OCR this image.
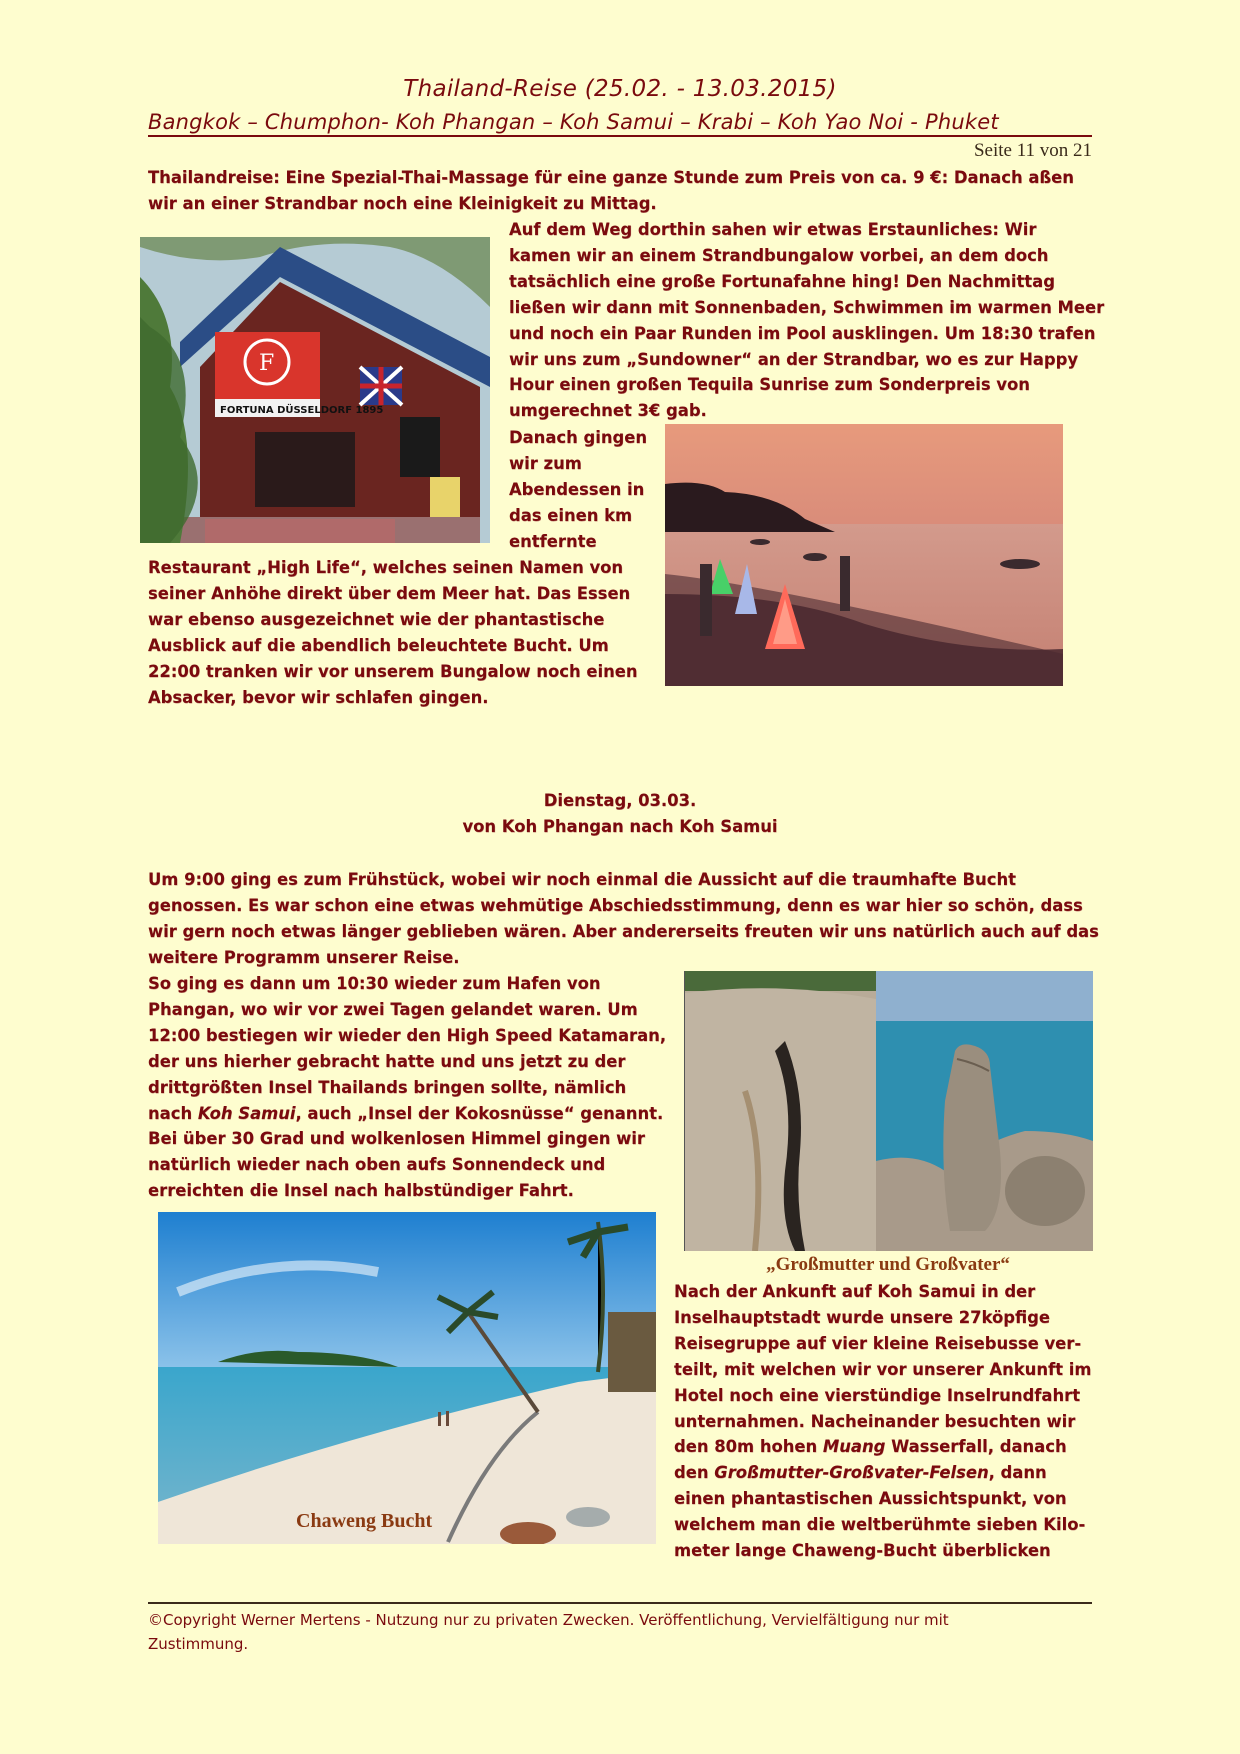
Thailand-Reise (25.02. - 13.03.2015)
Bangkok – Chumphon- Koh Phangan – Koh Samui – Krabi – Koh Yao Noi - Phuket
Seite 11 von 21
Thailandreise: Eine Spezial-Thai-Massage für eine ganze Stunde zum Preis von ca. 9 €: Danach aßen
wir an einer Strandbar noch eine Kleinigkeit zu Mittag.
F
FORTUNA DÜSSELDORF 1895
Auf dem Weg dorthin sahen wir etwas Erstaunliches: Wir
kamen wir an einem Strandbungalow vorbei, an dem doch
tatsächlich eine große Fortunafahne hing! Den Nachmittag
ließen wir dann mit Sonnenbaden, Schwimmen im warmen Meer
und noch ein Paar Runden im Pool ausklingen. Um 18:30 trafen
wir uns zum „Sundowner“ an der Strandbar, wo es zur Happy
Hour einen großen Tequila Sunrise zum Sonderpreis von
umgerechnet 3€ gab.
Danach gingen
wir zum
Abendessen in
das einen km
entfernte
Restaurant „High Life“, welches seinen Namen von
seiner Anhöhe direkt über dem Meer hat. Das Essen
war ebenso ausgezeichnet wie der phantastische
Ausblick auf die abendlich beleuchtete Bucht. Um
22:00 tranken wir vor unserem Bungalow noch einen
Absacker, bevor wir schlafen gingen.
Dienstag, 03.03.
von Koh Phangan nach Koh Samui
Um 9:00 ging es zum Frühstück, wobei wir noch einmal die Aussicht auf die traumhafte Bucht
genossen. Es war schon eine etwas wehmütige Abschiedsstimmung, denn es war hier so schön, dass
wir gern noch etwas länger geblieben wären. Aber andererseits freuten wir uns natürlich auch auf das
weitere Programm unserer Reise.
So ging es dann um 10:30 wieder zum Hafen von
Phangan, wo wir vor zwei Tagen gelandet waren. Um
12:00 bestiegen wir wieder den High Speed Katamaran,
der uns hierher gebracht hatte und uns jetzt zu der
drittgrößten Insel Thailands bringen sollte, nämlich
nach Koh Samui, auch „Insel der Kokosnüsse“ genannt.
Bei über 30 Grad und wolkenlosen Himmel gingen wir
natürlich wieder nach oben aufs Sonnendeck und
erreichten die Insel nach halbstündiger Fahrt.
„Großmutter und Großvater“
Nach der Ankunft auf Koh Samui in der
Inselhauptstadt wurde unsere 27köpfige
Reisegruppe auf vier kleine Reisebusse ver-
teilt, mit welchen wir vor unserer Ankunft im
Hotel noch eine vierstündige Inselrundfahrt
unternahmen. Nacheinander besuchten wir
den 80m hohen Muang Wasserfall, danach
den Großmutter-Großvater-Felsen, dann
einen phantastischen Aussichtspunkt, von
welchem man die weltberühmte sieben Kilo-
meter lange Chaweng-Bucht überblicken
Chaweng Bucht
©Copyright Werner Mertens - Nutzung nur zu privaten Zwecken. Veröffentlichung, Vervielfältigung nur mit
Zustimmung.
